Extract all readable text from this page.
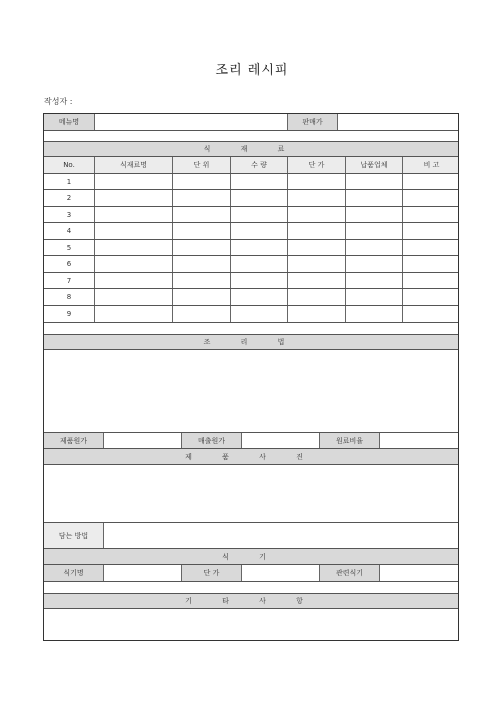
조리 레시피
작성자 :
메뉴명	판매가
식 재 료
No.	식재료명	단 위	수 량	단 가	납품업체	비 고
1
2
3
4
5
6
7
8
9
조 리 법
제품원가	매출원가	원료비율
제 품 사 진
담는 방법
식 기
식기명	단 가	관련식기
기 타 사 항
